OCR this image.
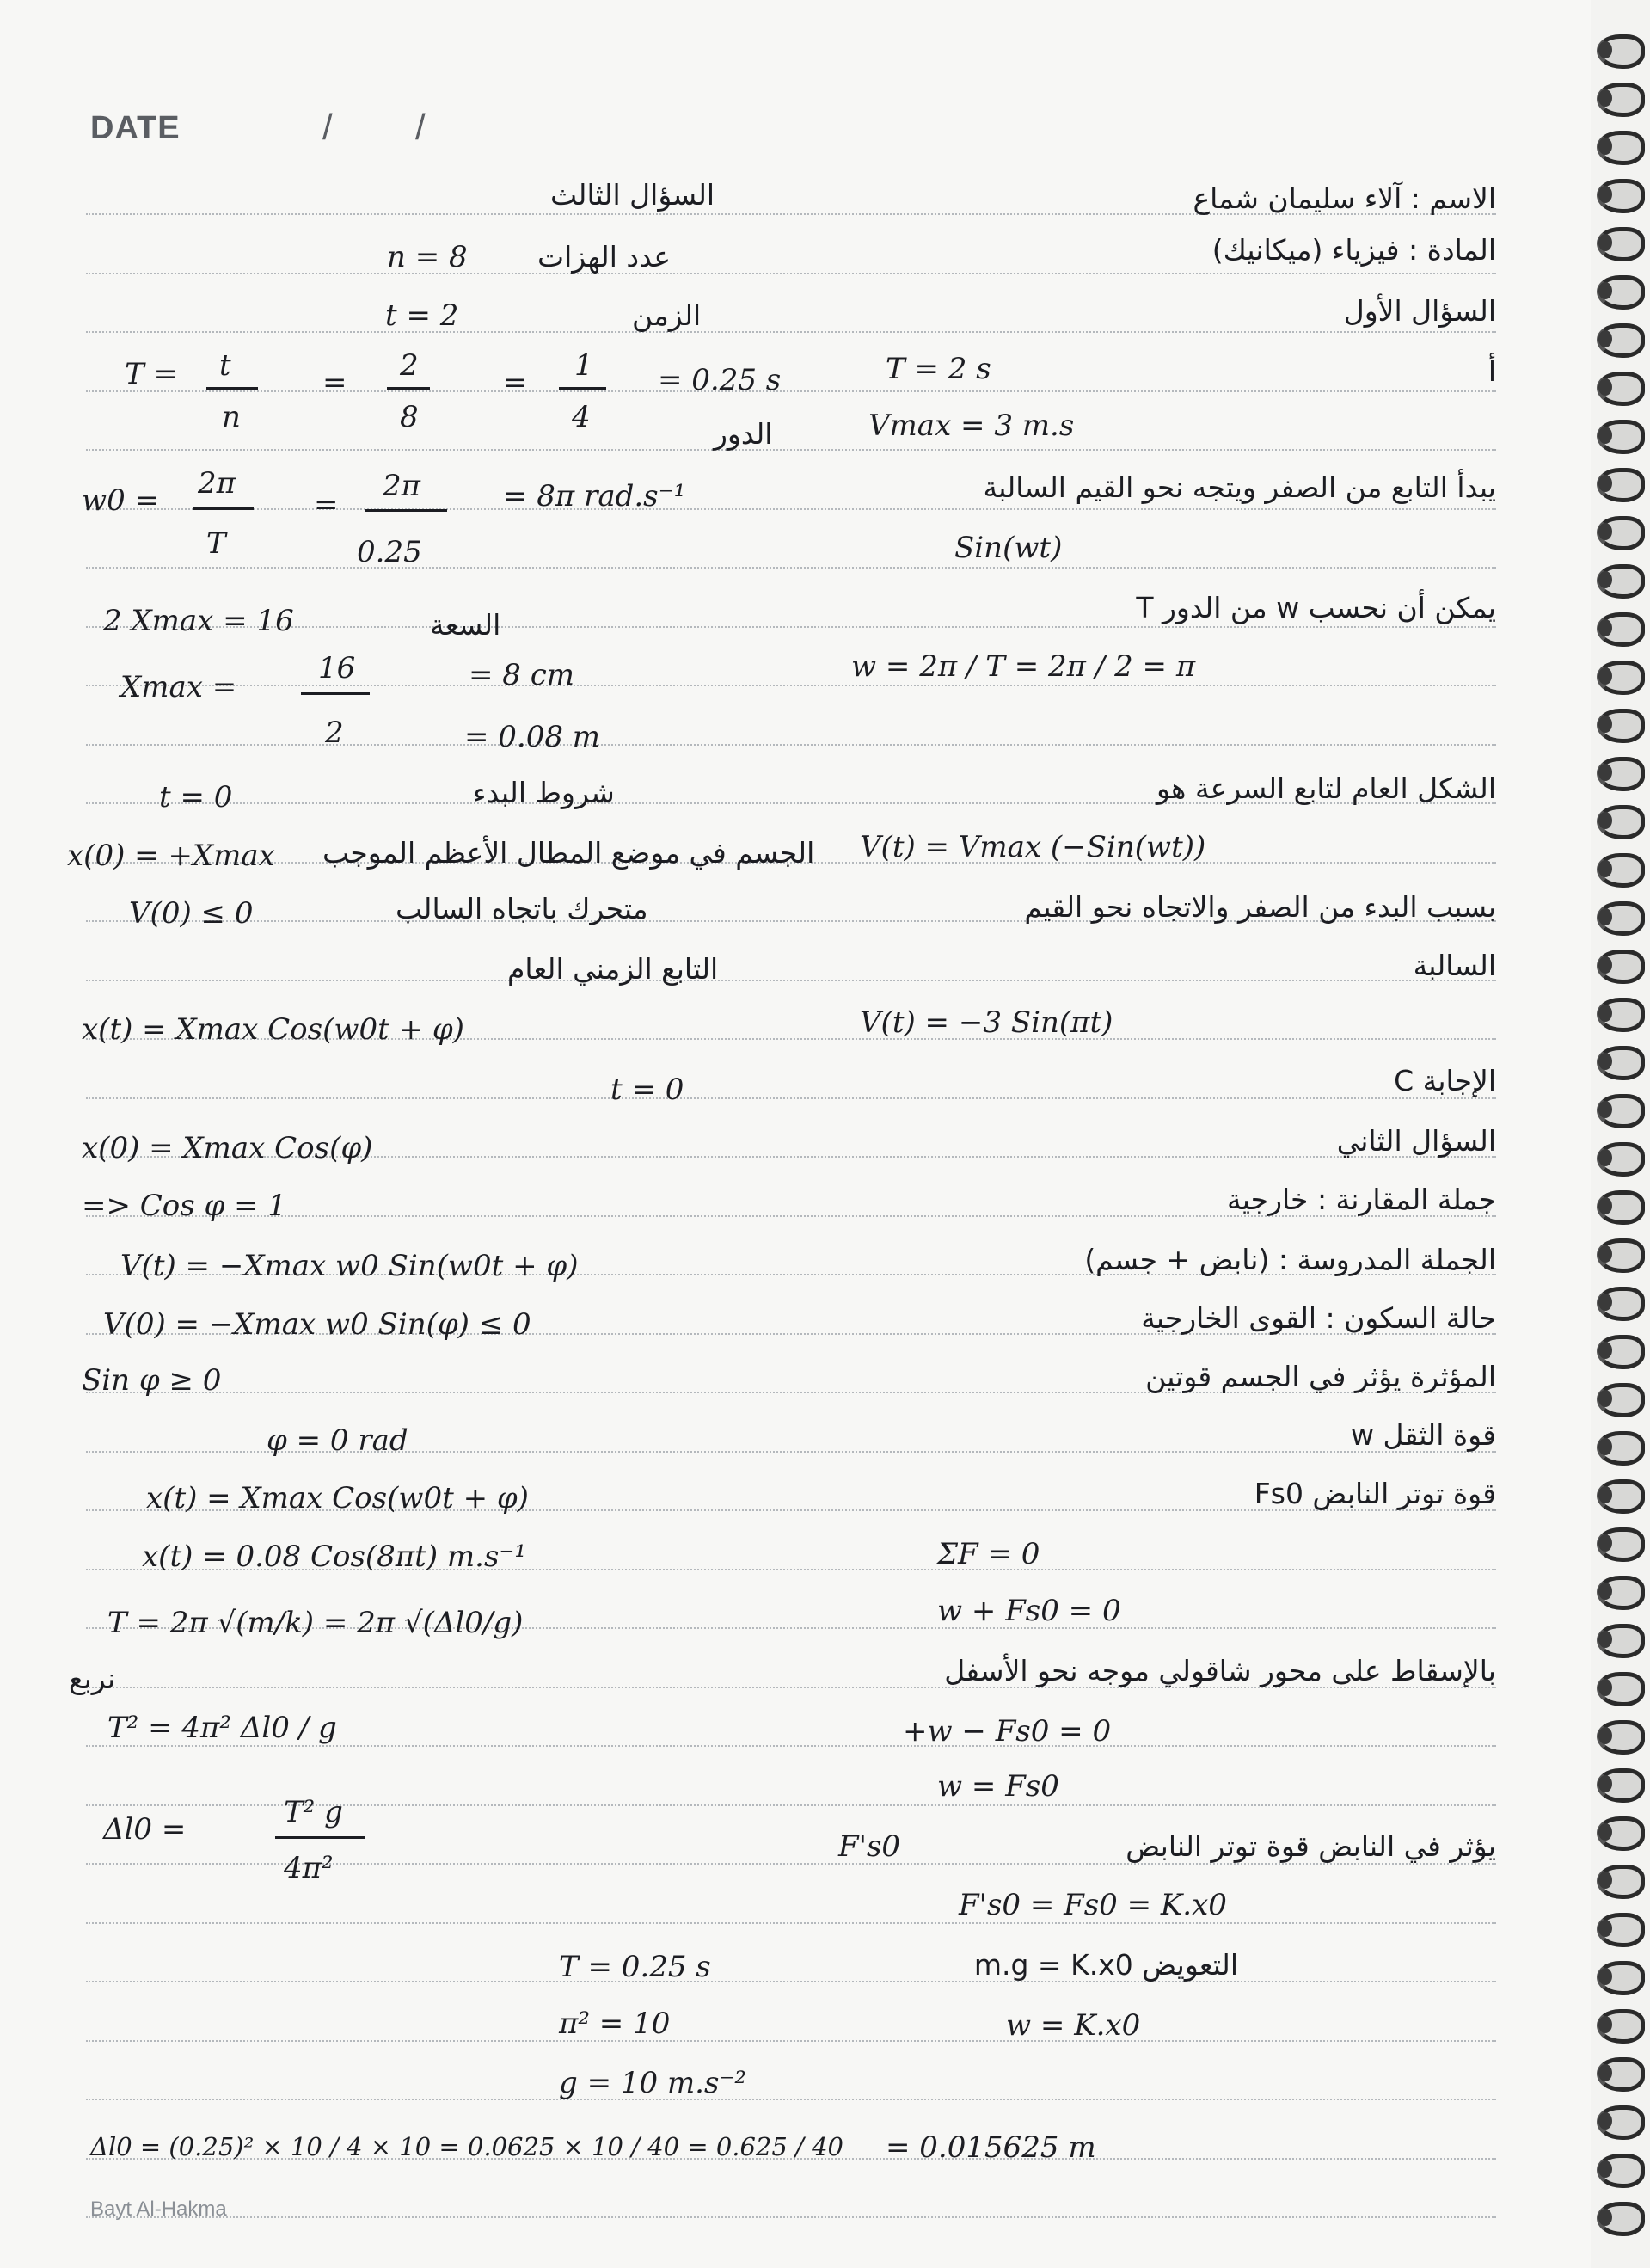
DATE	/ /
الاسم : آلاء سليمان شماع
المادة : فيزياء (ميكانيك)
السؤال الأول
أ
T = 2 s
Vmax = 3 m.s
يبدأ التابع من الصفر ويتجه نحو القيم السالبة
Sin(wt)
يمكن أن نحسب w من الدور T
w = 2π / T = 2π / 2 = π
الشكل العام لتابع السرعة هو
V(t) = Vmax (−Sin(wt))
بسبب البدء من الصفر والاتجاه نحو القيم
السالبة
V(t) = −3 Sin(πt)
الإجابة C
السؤال الثاني
جملة المقارنة : خارجية
الجملة المدروسة : (نابض + جسم)
حالة السكون : القوى الخارجية
المؤثرة يؤثر في الجسم قوتين
قوة الثقل w
قوة توتر النابض Fs0
ΣF = 0
w + Fs0 = 0
بالإسقاط على محور شاقولي موجه نحو الأسفل
+w − Fs0 = 0
w = Fs0
يؤثر في النابض قوة توتر النابض
F's0
F's0 = Fs0 = K.x0
التعويض m.g = K.x0
w = K.x0
= 0.015625 m
السؤال الثالث
n = 8 عدد الهزات
t = 2	الزمن
T = t
n
= 2
8
= 1
4
= 0.25 s
الدور
w0 = 2π
T
=
2π
0.25
= 8π rad.s⁻¹
2 Xmax = 16	السعة
Xmax =
16
2
= 8 cm
= 0.08 m
t = 0	شروط البدء
x(0) = +Xmax الجسم في موضع المطال الأعظم الموجب
V(0) ≤ 0	متحرك باتجاه السالب
التابع الزمني العام
x(t) = Xmax Cos(w0t + φ)
t = 0
x(0) = Xmax Cos(φ)
=> Cos φ = 1
V(t) = −Xmax w0 Sin(w0t + φ)
V(0) = −Xmax w0 Sin(φ) ≤ 0
Sin φ ≥ 0
φ = 0 rad
x(t) = Xmax Cos(w0t + φ)
x(t) = 0.08 Cos(8πt) m.s⁻¹
T = 2π √(m/k) = 2π √(Δl0/g)
نربع
T² = 4π² Δl0 / g
Δl0 =	T² g
4π²
T = 0.25 s
π² = 10
g = 10 m.s⁻²
Δl0 = (0.25)² × 10 / 4 × 10 = 0.0625 × 10 / 40 = 0.625 / 40
Bayt Al-Hakma
